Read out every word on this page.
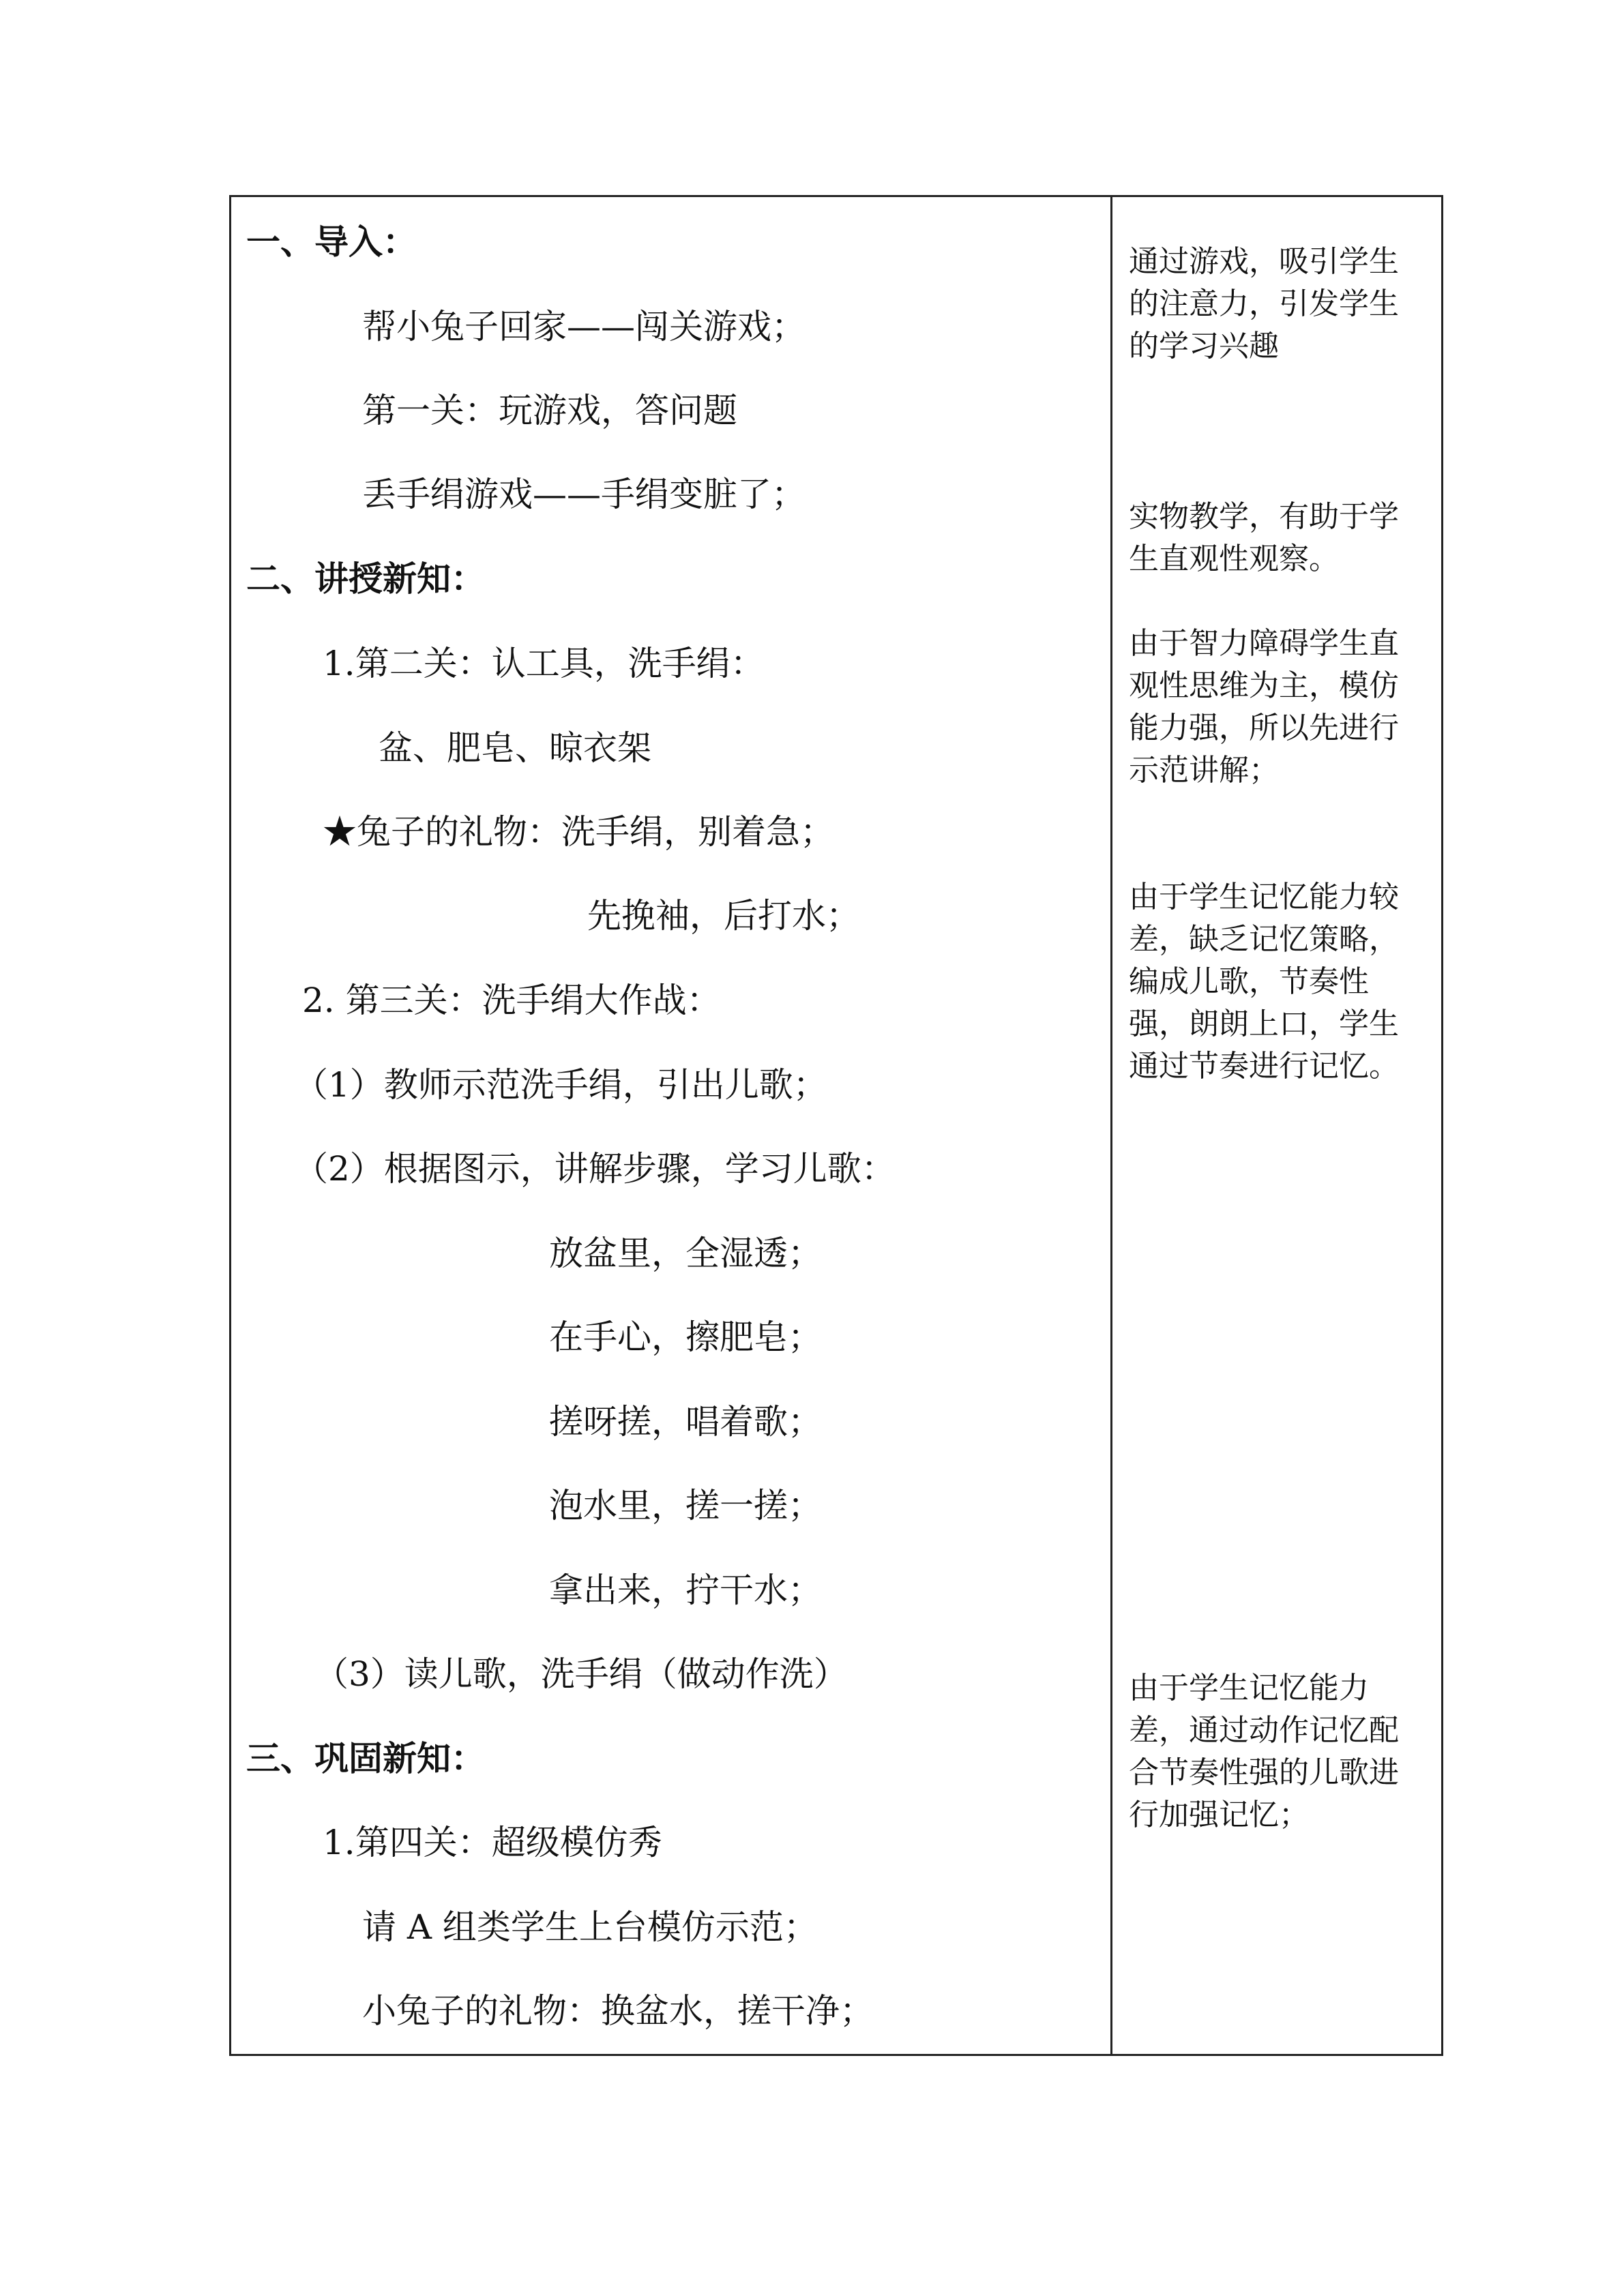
一、导入：
帮小兔子回家——闯关游戏；
第一关：玩游戏，答问题
丢手绢游戏——手绢变脏了；
二、讲授新知：
1.第二关：认工具，洗手绢：
盆、肥皂、晾衣架
★兔子的礼物：洗手绢，别着急；
先挽袖，后打水；
2. 第三关：洗手绢大作战：
（1）教师示范洗手绢，引出儿歌；
（2）根据图示，讲解步骤，学习儿歌：
放盆里，全湿透；
在手心，擦肥皂；
搓呀搓，唱着歌；
泡水里，搓一搓；
拿出来，拧干水；
（3）读儿歌，洗手绢（做动作洗）
三、巩固新知：
1.第四关：超级模仿秀
请 A 组类学生上台模仿示范；
小兔子的礼物：换盆水，搓干净；
通过游戏，吸引学生
的注意力，引发学生
的学习兴趣
实物教学，有助于学
生直观性观察。
由于智力障碍学生直
观性思维为主，模仿
能力强，所以先进行
示范讲解；
由于学生记忆能力较
差，缺乏记忆策略，
编成儿歌，节奏性
强，朗朗上口，学生
通过节奏进行记忆。
由于学生记忆能力
差，通过动作记忆配
合节奏性强的儿歌进
行加强记忆；
